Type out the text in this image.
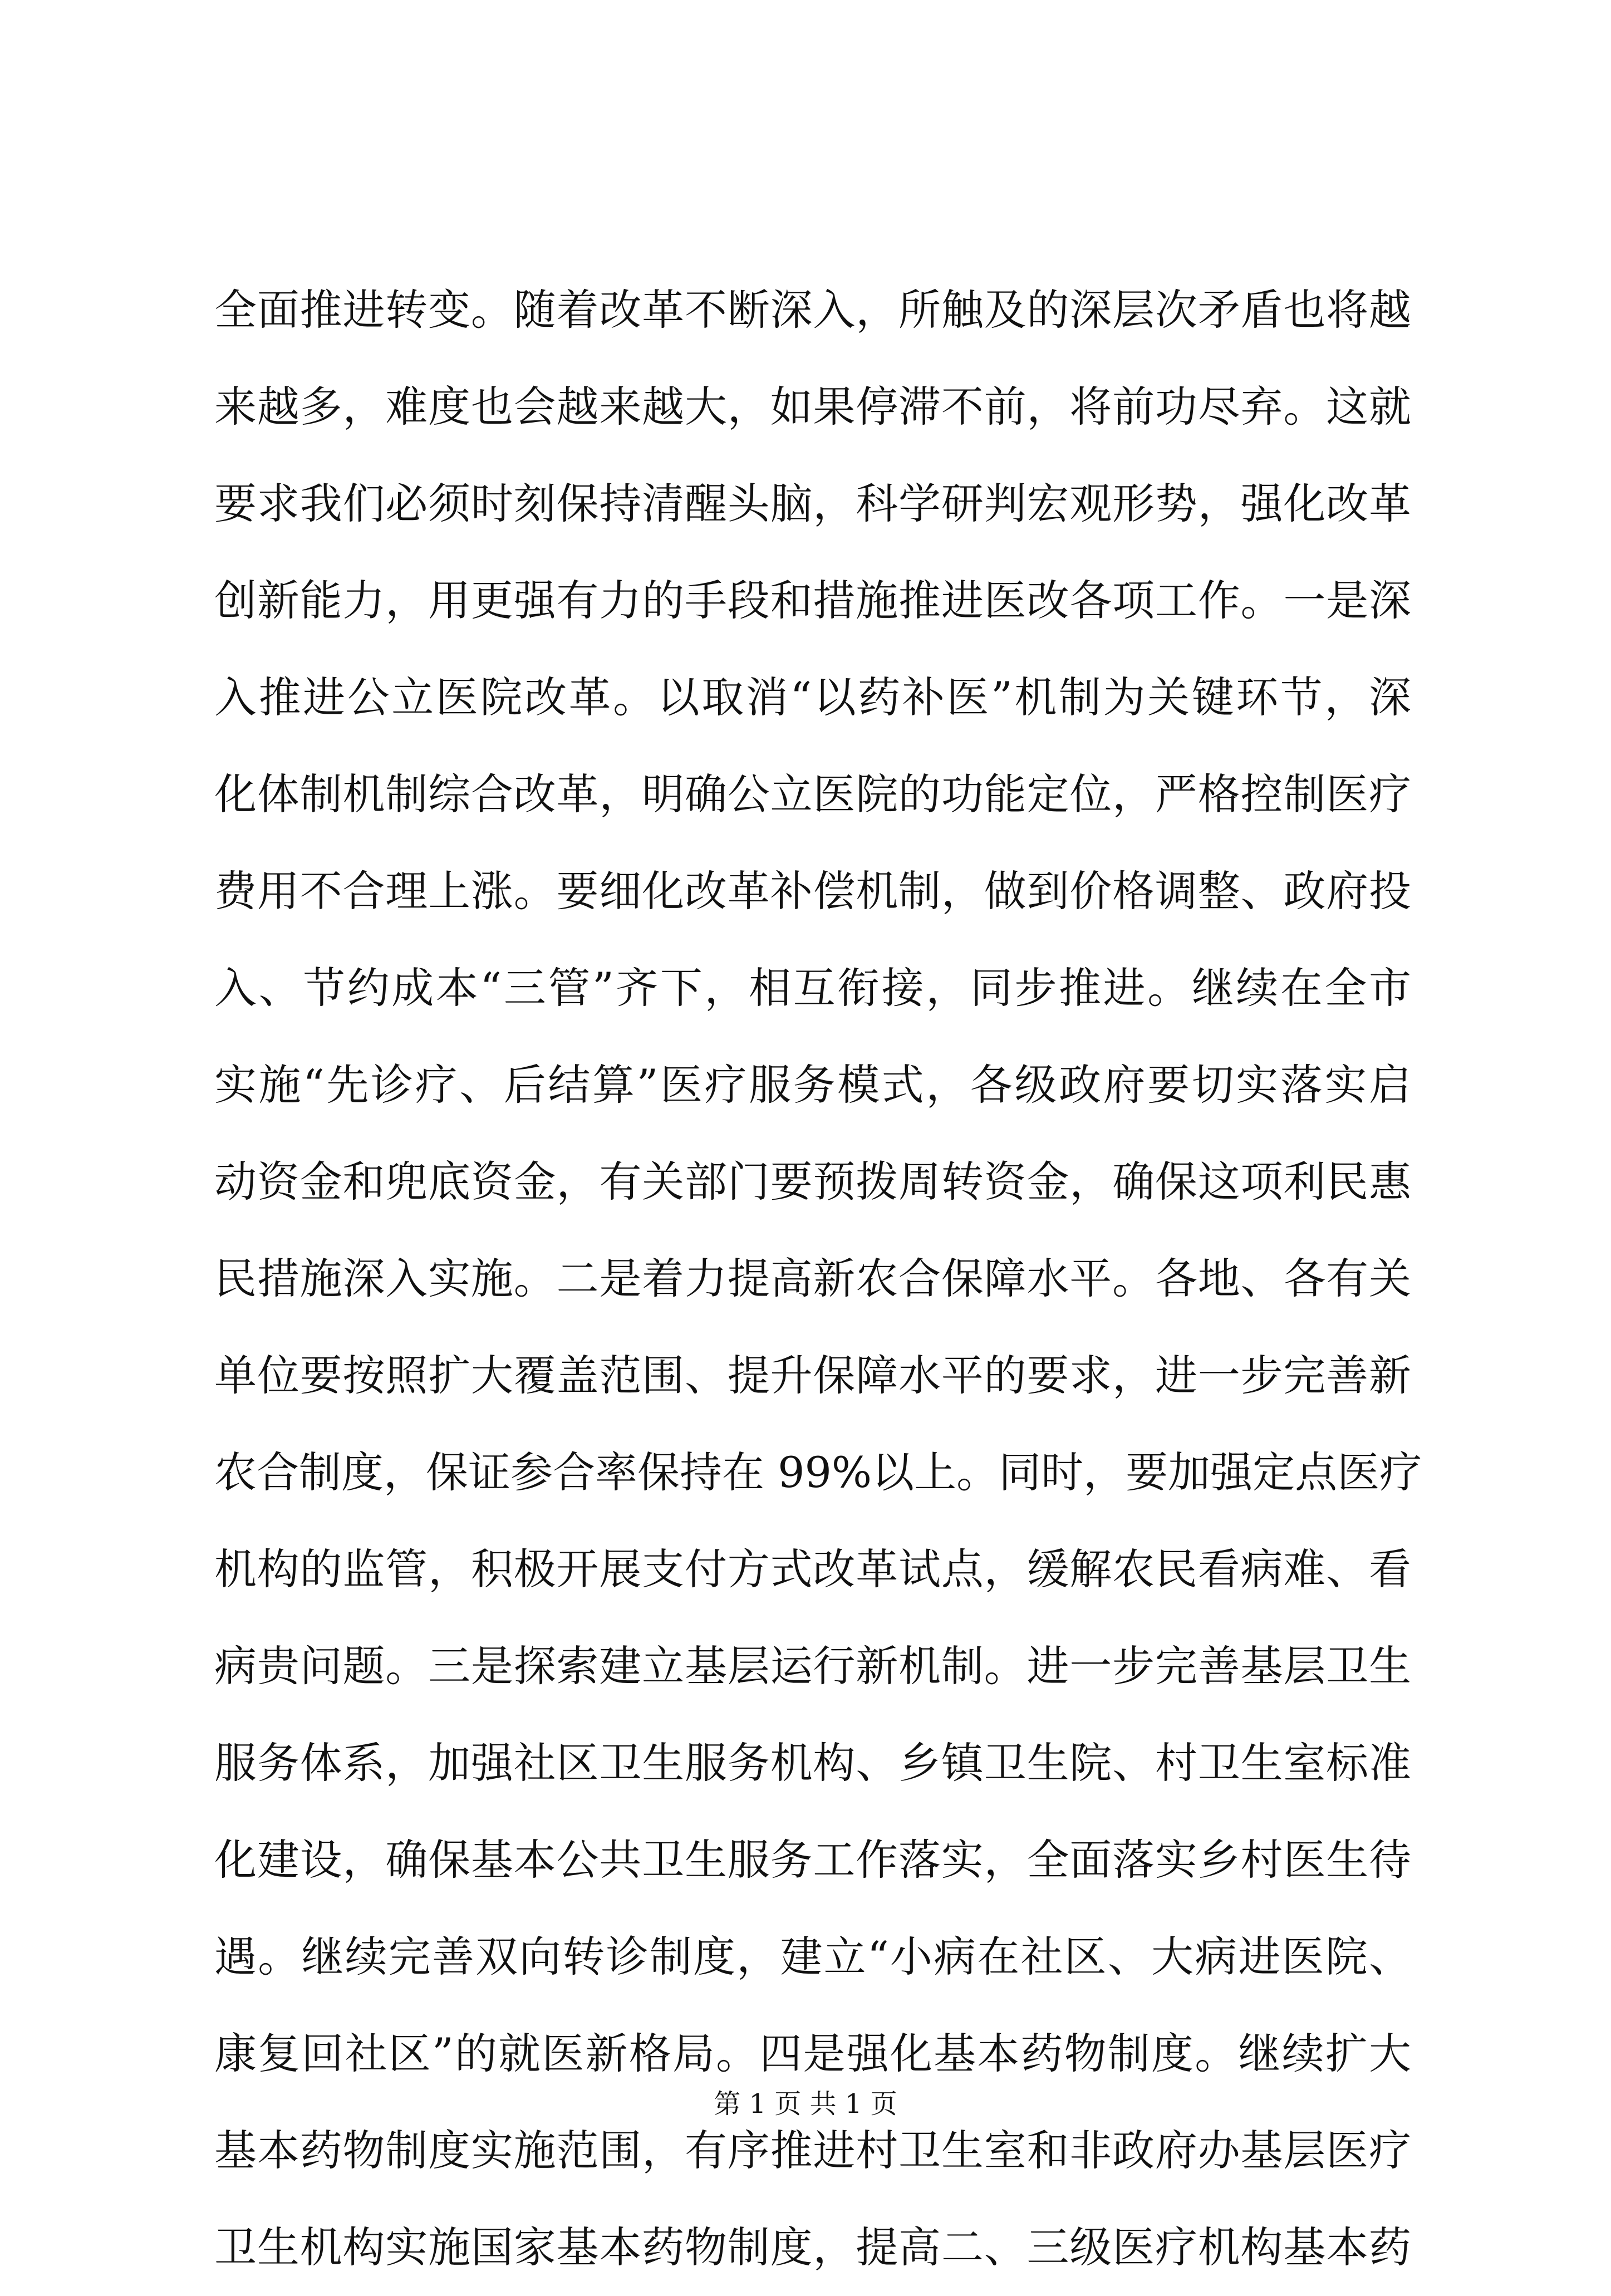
全面推进转变。随着改革不断深入，所触及的深层次矛盾也将越
来越多，难度也会越来越大，如果停滞不前，将前功尽弃。这就
要求我们必须时刻保持清醒头脑，科学研判宏观形势，强化改革
创新能力，用更强有力的手段和措施推进医改各项工作。一是深
入推进公立医院改革。以取消“以药补医”机制为关键环节，深
化体制机制综合改革，明确公立医院的功能定位，严格控制医疗
费用不合理上涨。要细化改革补偿机制，做到价格调整、政府投
入、节约成本“三管”齐下，相互衔接，同步推进。继续在全市
实施“先诊疗、后结算”医疗服务模式，各级政府要切实落实启
动资金和兜底资金，有关部门要预拨周转资金，确保这项利民惠
民措施深入实施。二是着力提高新农合保障水平。各地、各有关
单位要按照扩大覆盖范围、提升保障水平的要求，进一步完善新
农合制度，保证参合率保持在 99%以上。同时，要加强定点医疗
机构的监管，积极开展支付方式改革试点，缓解农民看病难、看
病贵问题。三是探索建立基层运行新机制。进一步完善基层卫生
服务体系，加强社区卫生服务机构、乡镇卫生院、村卫生室标准
化建设，确保基本公共卫生服务工作落实，全面落实乡村医生待
遇。继续完善双向转诊制度，建立“小病在社区、大病进医院、
康复回社区”的就医新格局。四是强化基本药物制度。继续扩大
基本药物制度实施范围，有序推进村卫生室和非政府办基层医疗
卫生机构实施国家基本药物制度，提高二、三级医疗机构基本药
第 1 页 共 1 页
